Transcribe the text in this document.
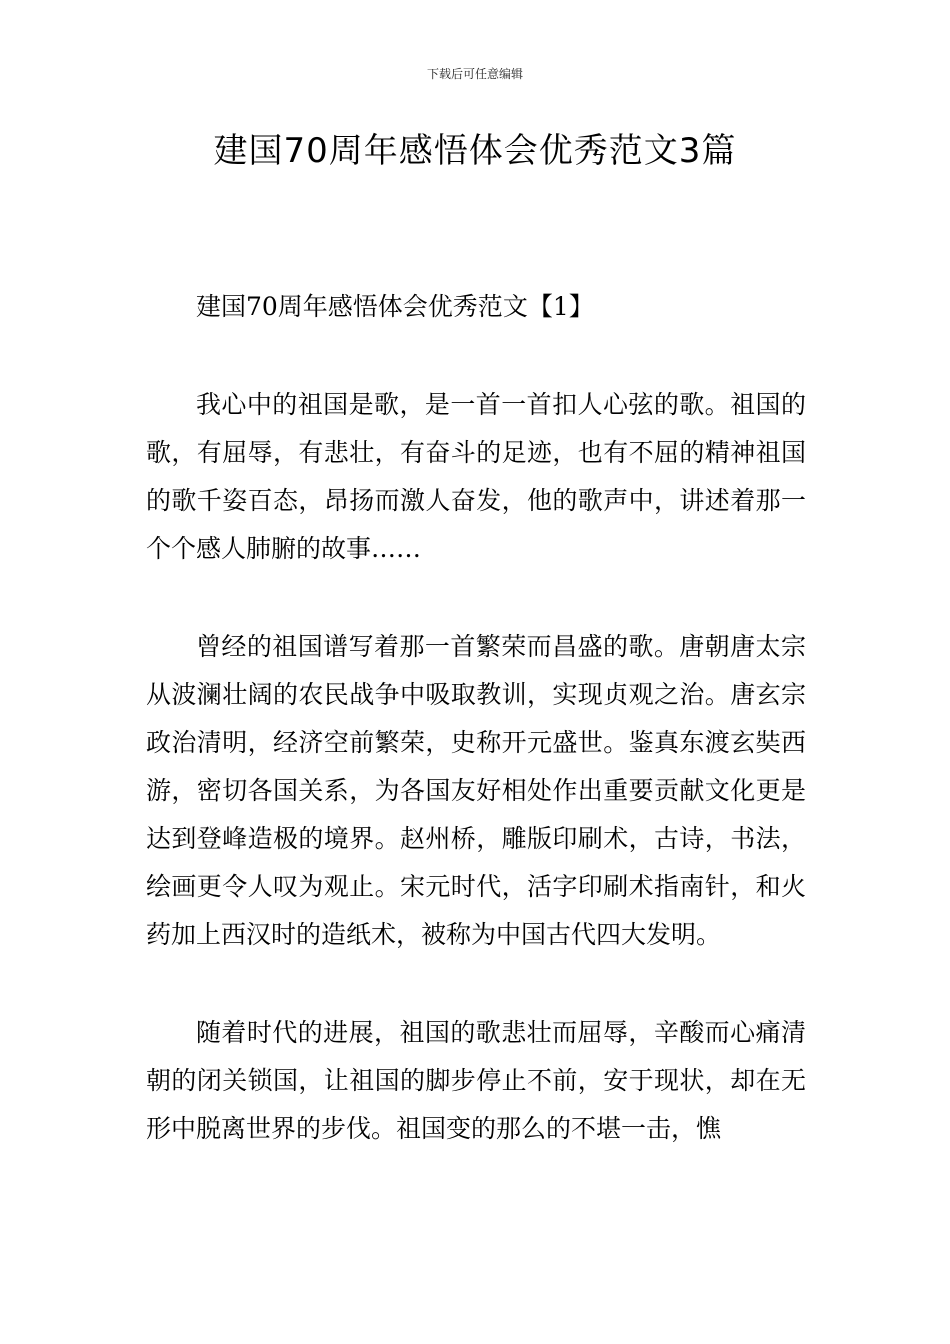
下载后可任意编辑
建国70周年感悟体会优秀范文3篇

建国70周年感悟体会优秀范文【1】

我心中的祖国是歌，是一首一首扣人心弦的歌。祖国的歌，有屈辱，有悲壮，有奋斗的足迹，也有不屈的精神祖国的歌千姿百态，昂扬而激人奋发，他的歌声中，讲述着那一个个感人肺腑的故事……

曾经的祖国谱写着那一首繁荣而昌盛的歌。唐朝唐太宗从波澜壮阔的农民战争中吸取教训，实现贞观之治。唐玄宗政治清明，经济空前繁荣，史称开元盛世。鉴真东渡玄奘西游，密切各国关系，为各国友好相处作出重要贡献文化更是达到登峰造极的境界。赵州桥，雕版印刷术，古诗，书法，绘画更令人叹为观止。宋元时代，活字印刷术指南针，和火药加上西汉时的造纸术，被称为中国古代四大发明。

随着时代的进展，祖国的歌悲壮而屈辱，辛酸而心痛清朝的闭关锁国，让祖国的脚步停止不前，安于现状，却在无形中脱离世界的步伐。祖国变的那么的不堪一击，憔
